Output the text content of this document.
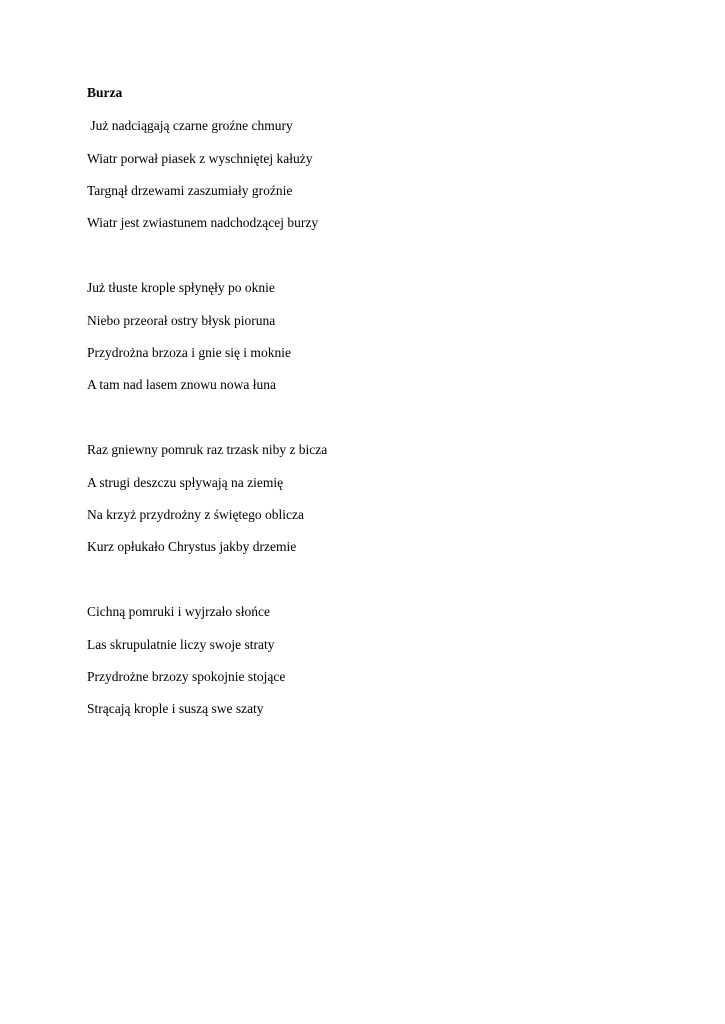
Burza
Już nadciągają czarne groźne chmury
Wiatr porwał piasek z wyschniętej kałuży
Targnął drzewami zaszumiały groźnie
Wiatr jest zwiastunem nadchodzącej burzy
Już tłuste krople spłynęły po oknie
Niebo przeorał ostry błysk pioruna
Przydrożna brzoza i gnie się i moknie
A tam nad lasem znowu nowa łuna
Raz gniewny pomruk raz trzask niby z bicza
A strugi deszczu spływają na ziemię
Na krzyż przydrożny z świętego oblicza
Kurz opłukało Chrystus jakby drzemie
Cichną pomruki i wyjrzało słońce
Las skrupulatnie liczy swoje straty
Przydrożne brzozy spokojnie stojące
Strącają krople i suszą swe szaty
